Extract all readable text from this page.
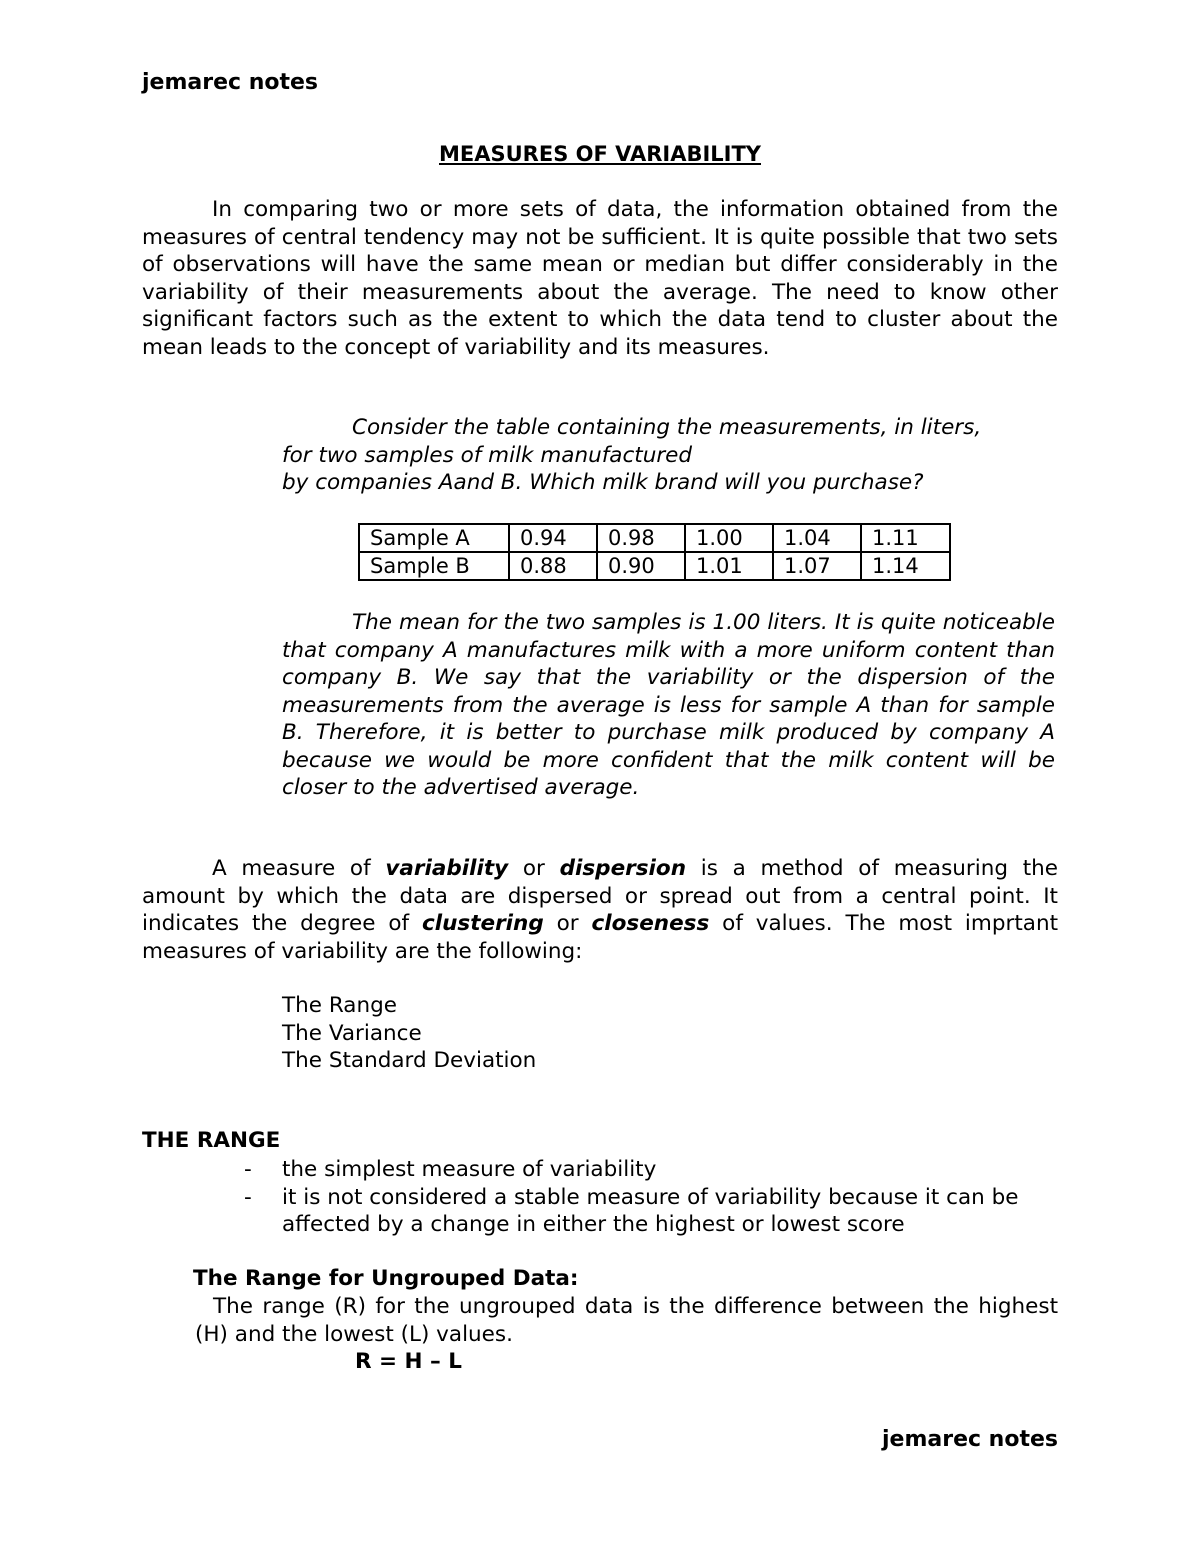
jemarec notes
MEASURES OF VARIABILITY
In comparing two or more sets of data, the information obtained from the measures of central tendency may not be sufficient. It is quite possible that two sets of observations will have the same mean or median but differ considerably in the variability of their measurements about the average. The need to know other significant factors such as the extent to which the data tend to cluster about the mean leads to the concept of variability and its measures.
Consider the table containing the measurements, in liters,
for two samples of milk manufactured
by companies Aand B. Which milk brand will you purchase?
Sample A	0.94	0.98	1.00	1.04	1.11
Sample B	0.88	0.90	1.01	1.07	1.14
The mean for the two samples is 1.00 liters. It is quite noticeable that company A manufactures milk with a more uniform content than company B. We say that the variability or the dispersion of the measurements from the average is less for sample A than for sample B. Therefore, it is better to purchase milk produced by company A because we would be more confident that the milk content will be closer to the advertised average.
A measure of variability or dispersion is a method of measuring the amount by which the data are dispersed or spread out from a central point. It indicates the degree of clustering or closeness of values. The most imprtant measures of variability are the following:
The Range
The Variance
The Standard Deviation
THE RANGE
- the simplest measure of variability
- it is not considered a stable measure of variability because it can be affected by a change in either the highest or lowest score
The Range for Ungrouped Data:
The range (R) for the ungrouped data is the difference between the highest (H) and the lowest (L) values.
R = H – L
jemarec notes
